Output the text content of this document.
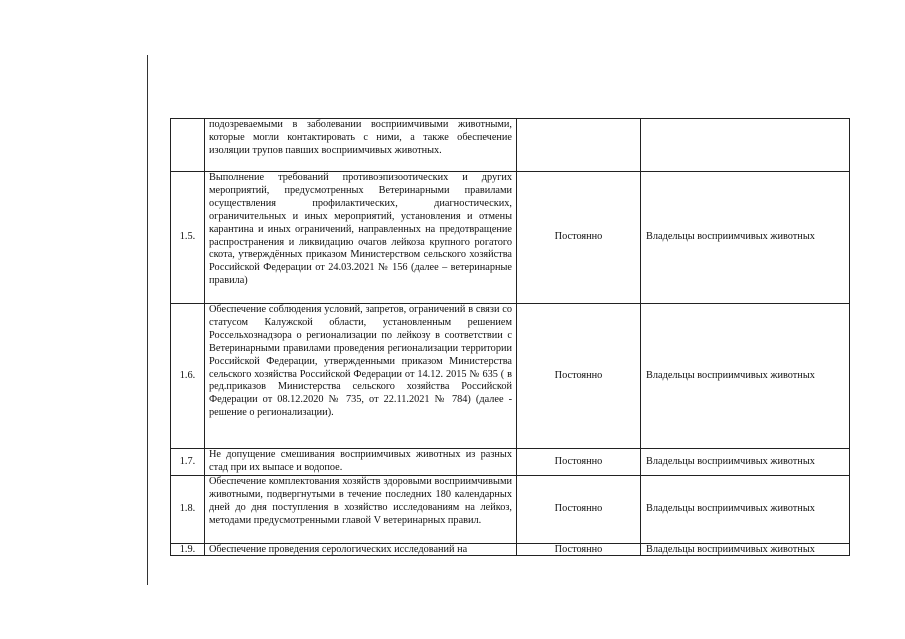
	подозреваемыми в заболевании восприимчивыми животными, которые могли контактировать с ними, а также обеспечение изоляции трупов павших восприимчивых животных.		
1.5.	Выполнение требований противоэпизоотических и других мероприятий, предусмотренных Ветеринарными правилами осуществления профилактических, диагностических, ограничительных и иных мероприятий, установления и отмены карантина и иных ограничений, направленных на предотвращение распространения и ликвидацию очагов лейкоза крупного рогатого скота, утверждённых приказом Министерством сельского хозяйства Российской Федерации от 24.03.2021 № 156 (далее – ветеринарные правила)	Постоянно	Владельцы восприимчивых животных
1.6.	Обеспечение соблюдения условий, запретов, ограничений в связи со статусом Калужской области, установленным решением Россельхознадзора о регионализации по лейкозу в соответствии с Ветеринарными правилами проведения регионализации территории Российской Федерации, утвержденными приказом Министерства сельского хозяйства Российской Федерации от 14.12. 2015 № 635 ( в ред.приказов Министерства сельского хозяйства Российской Федерации от 08.12.2020 № 735, от 22.11.2021 № 784) (далее - решение о регионализации).	Постоянно	Владельцы восприимчивых животных
1.7.	Не допущение смешивания восприимчивых животных из разных стад при их выпасе и водопое.	Постоянно	Владельцы восприимчивых животных
1.8.	Обеспечение комплектования хозяйств здоровыми восприимчивыми животными, подвергнутыми в течение последних 180 календарных дней до дня поступления в хозяйство исследованиям на лейкоз, методами предусмотренными главой V ветеринарных правил.	Постоянно	Владельцы восприимчивых животных
1.9.	Обеспечение проведения серологических исследований на	Постоянно	Владельцы восприимчивых животных
